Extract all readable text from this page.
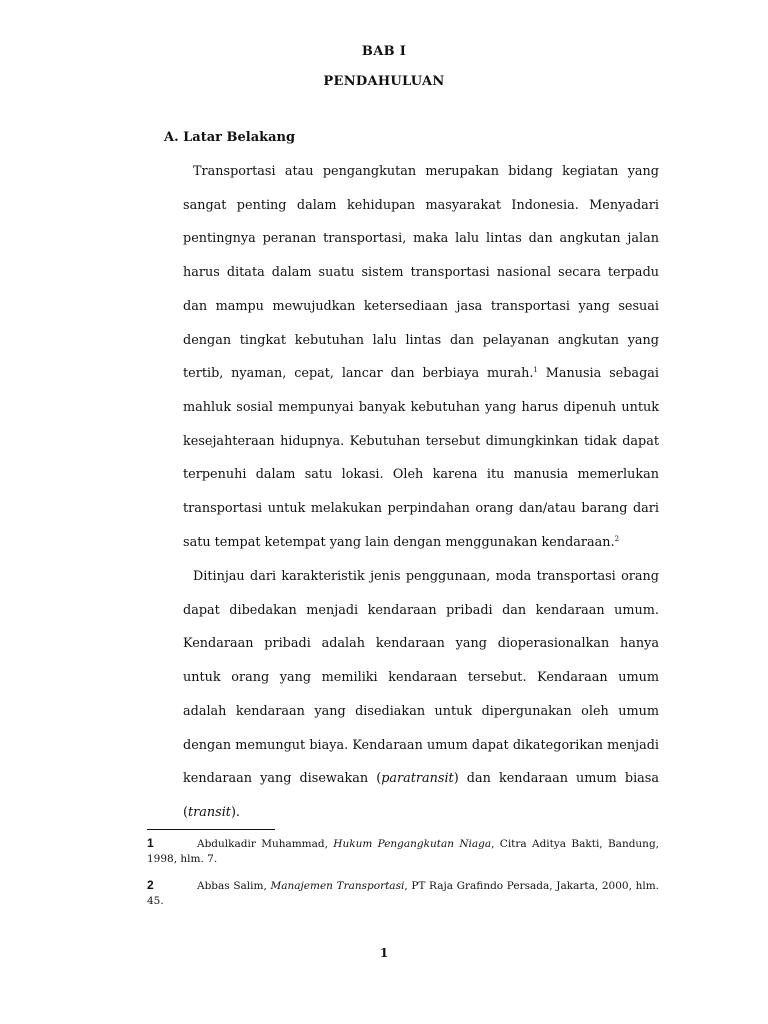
BAB I
PENDAHULUAN
A. Latar Belakang

Transportasi atau pengangkutan merupakan bidang kegiatan yang sangat penting dalam kehidupan masyarakat Indonesia. Menyadari pentingnya peranan transportasi, maka lalu lintas dan angkutan jalan harus ditata dalam suatu sistem transportasi nasional secara terpadu dan mampu mewujudkan ketersediaan jasa transportasi yang sesuai dengan tingkat kebutuhan lalu lintas dan pelayanan angkutan yang tertib, nyaman, cepat, lancar dan berbiaya murah.$^1$ Manusia sebagai mahluk sosial mempunyai banyak kebutuhan yang harus dipenuh untuk kesejahteraan hidupnya. Kebutuhan tersebut dimungkinkan tidak dapat terpenuhi dalam satu lokasi. Oleh karena itu manusia memerlukan transportasi untuk melakukan perpindahan orang dan/atau barang dari satu tempat ketempat yang lain dengan menggunakan kendaraan.$^2$

Ditinjau dari karakteristik jenis penggunaan, moda transportasi orang dapat dibedakan menjadi kendaraan pribadi dan kendaraan umum. Kendaraan pribadi adalah kendaraan yang dioperasionalkan hanya untuk orang yang memiliki kendaraan tersebut. Kendaraan umum adalah kendaraan yang disediakan untuk dipergunakan oleh umum dengan memungut biaya. Kendaraan umum dapat dikategorikan menjadi kendaraan yang disewakan (paratransit) dan kendaraan umum biasa (transit).

1	Abdulkadir Muhammad, Hukum Pengangkutan Niaga, Citra Aditya Bakti, Bandung, 1998, hlm. 7.
2	Abbas Salim, Manajemen Transportasi, PT Raja Grafindo Persada, Jakarta, 2000, hlm. 45.
1
